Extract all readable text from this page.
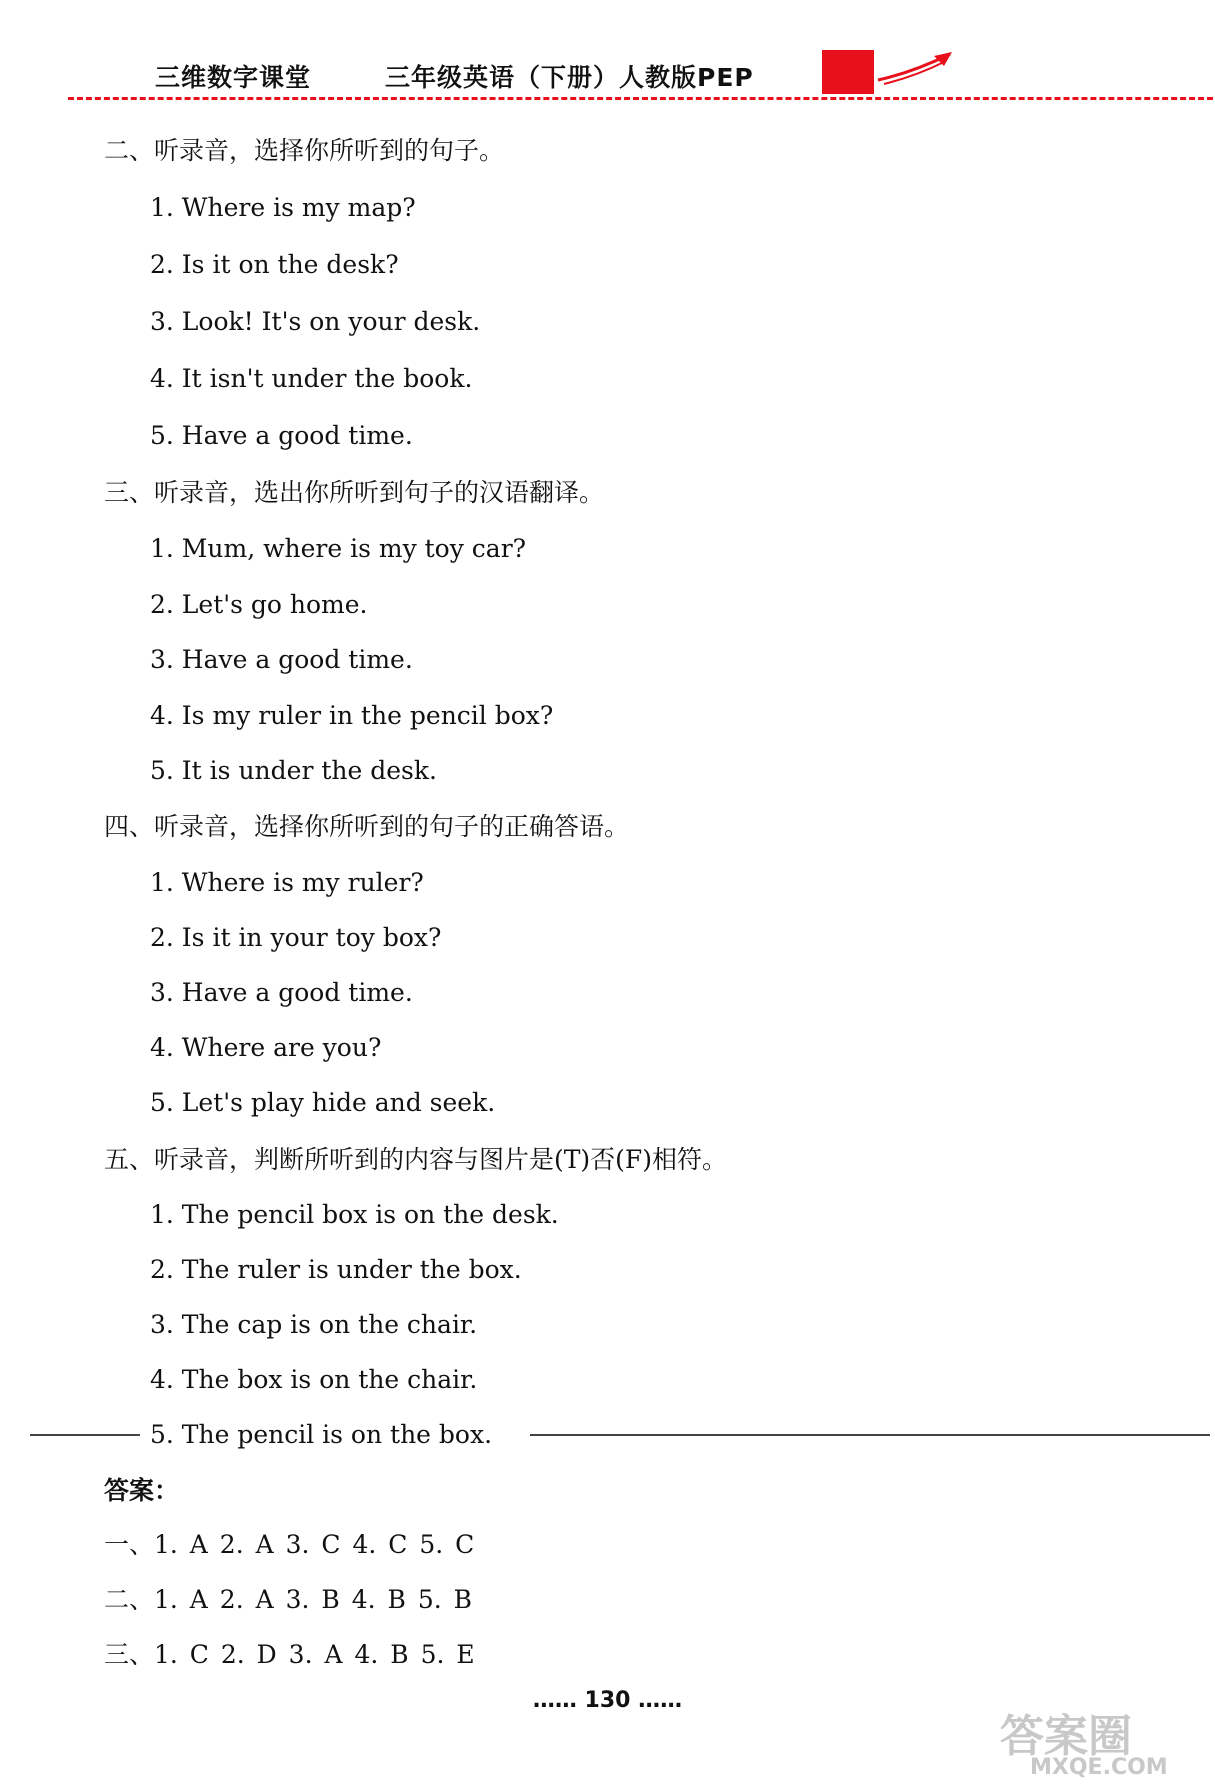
三维数字课堂	三年级英语（下册）人教版PEP
二、听录音，选择你所听到的句子。
1. Where is my map?
2. Is it on the desk?
3. Look! It's on your desk.
4. It isn't under the book.
5. Have a good time.
三、听录音，选出你所听到句子的汉语翻译。
1. Mum, where is my toy car?
2. Let's go home.
3. Have a good time.
4. Is my ruler in the pencil box?
5. It is under the desk.
四、听录音，选择你所听到的句子的正确答语。
1. Where is my ruler?
2. Is it in your toy box?
3. Have a good time.
4. Where are you?
5. Let's play hide and seek.
五、听录音，判断所听到的内容与图片是(T)否(F)相符。
1. The pencil box is on the desk.
2. The ruler is under the box.
3. The cap is on the chair.
4. The box is on the chair.
5. The pencil is on the box.
答案：
一、1. A 2. A 3. C 4. C 5. C
二、1. A 2. A 3. B 4. B 5. B
三、1. C 2. D 3. A 4. B 5. E
…… 130 ……
答案圈
MXQE.COM
